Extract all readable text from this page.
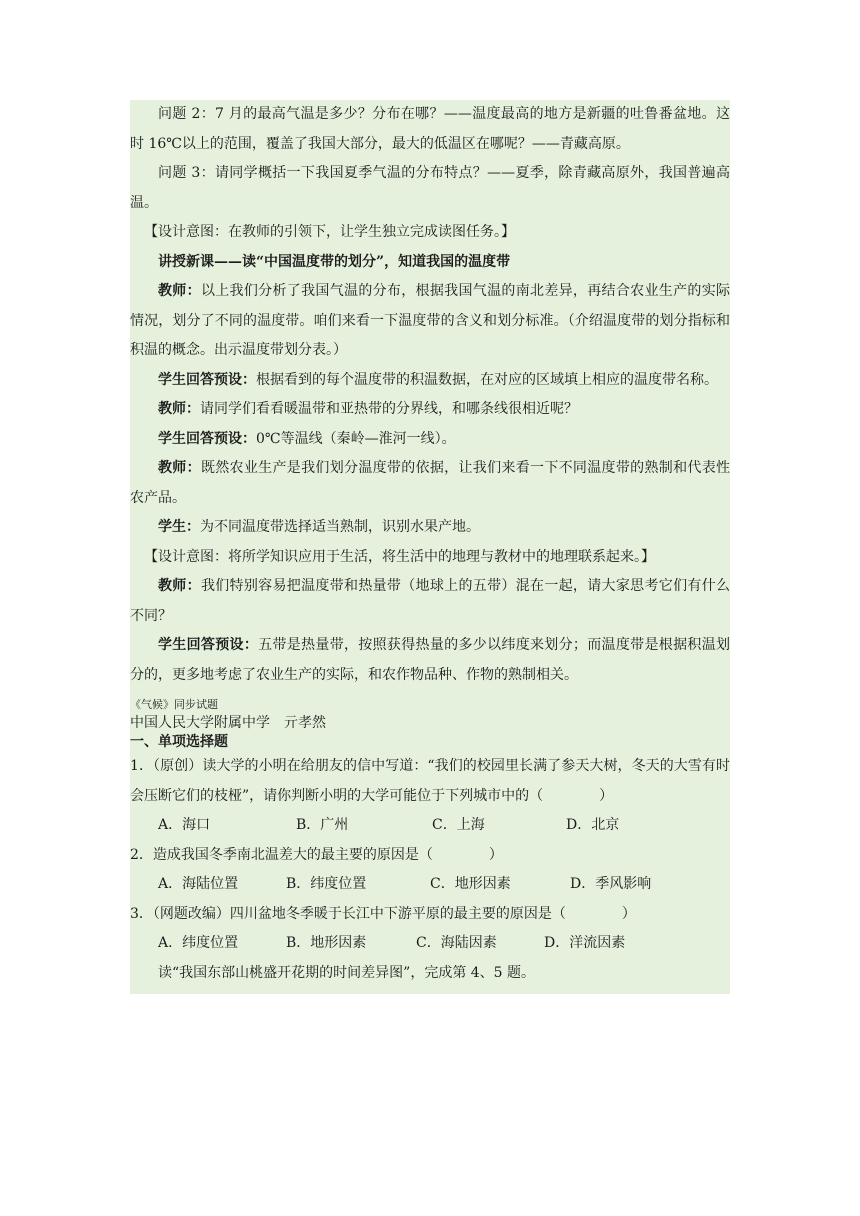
问题 2：7 月的最高气温是多少？分布在哪？——温度最高的地方是新疆的吐鲁番盆地。这时 16℃以上的范围，覆盖了我国大部分，最大的低温区在哪呢？——青藏高原。

问题 3：请同学概括一下我国夏季气温的分布特点？——夏季，除青藏高原外，我国普遍高温。

【设计意图：在教师的引领下，让学生独立完成读图任务。】

讲授新课——读“中国温度带的划分”，知道我国的温度带

教师：以上我们分析了我国气温的分布，根据我国气温的南北差异，再结合农业生产的实际情况，划分了不同的温度带。咱们来看一下温度带的含义和划分标准。（介绍温度带的划分指标和积温的概念。出示温度带划分表。）

学生回答预设：根据看到的每个温度带的积温数据，在对应的区域填上相应的温度带名称。

教师：请同学们看看暖温带和亚热带的分界线，和哪条线很相近呢？

学生回答预设：0℃等温线（秦岭—淮河一线）。

教师：既然农业生产是我们划分温度带的依据，让我们来看一下不同温度带的熟制和代表性农产品。

学生：为不同温度带选择适当熟制，识别水果产地。

【设计意图：将所学知识应用于生活，将生活中的地理与教材中的地理联系起来。】

教师：我们特别容易把温度带和热量带（地球上的五带）混在一起，请大家思考它们有什么不同？

学生回答预设：五带是热量带，按照获得热量的多少以纬度来划分；而温度带是根据积温划分的，更多地考虑了农业生产的实际，和农作物品种、作物的熟制相关。

《气候》同步试题
中国人民大学附属中学　亓孝然
一、单项选择题

1．（原创）读大学的小明在给朋友的信中写道：“我们的校园里长满了参天大树，冬天的大雪有时会压断它们的枝桠”，请你判断小明的大学可能位于下列城市中的（　　　　）

A．海口	B．广州	C．上海	D．北京

2．造成我国冬季南北温差大的最主要的原因是（　　　　）

A．海陆位置	B．纬度位置	C．地形因素	D．季风影响

3．（网题改编）四川盆地冬季暖于长江中下游平原的最主要的原因是（　　　　）

A．纬度位置	B．地形因素	C．海陆因素	D．洋流因素

读“我国东部山桃盛开花期的时间差异图”，完成第 4、5 题。
